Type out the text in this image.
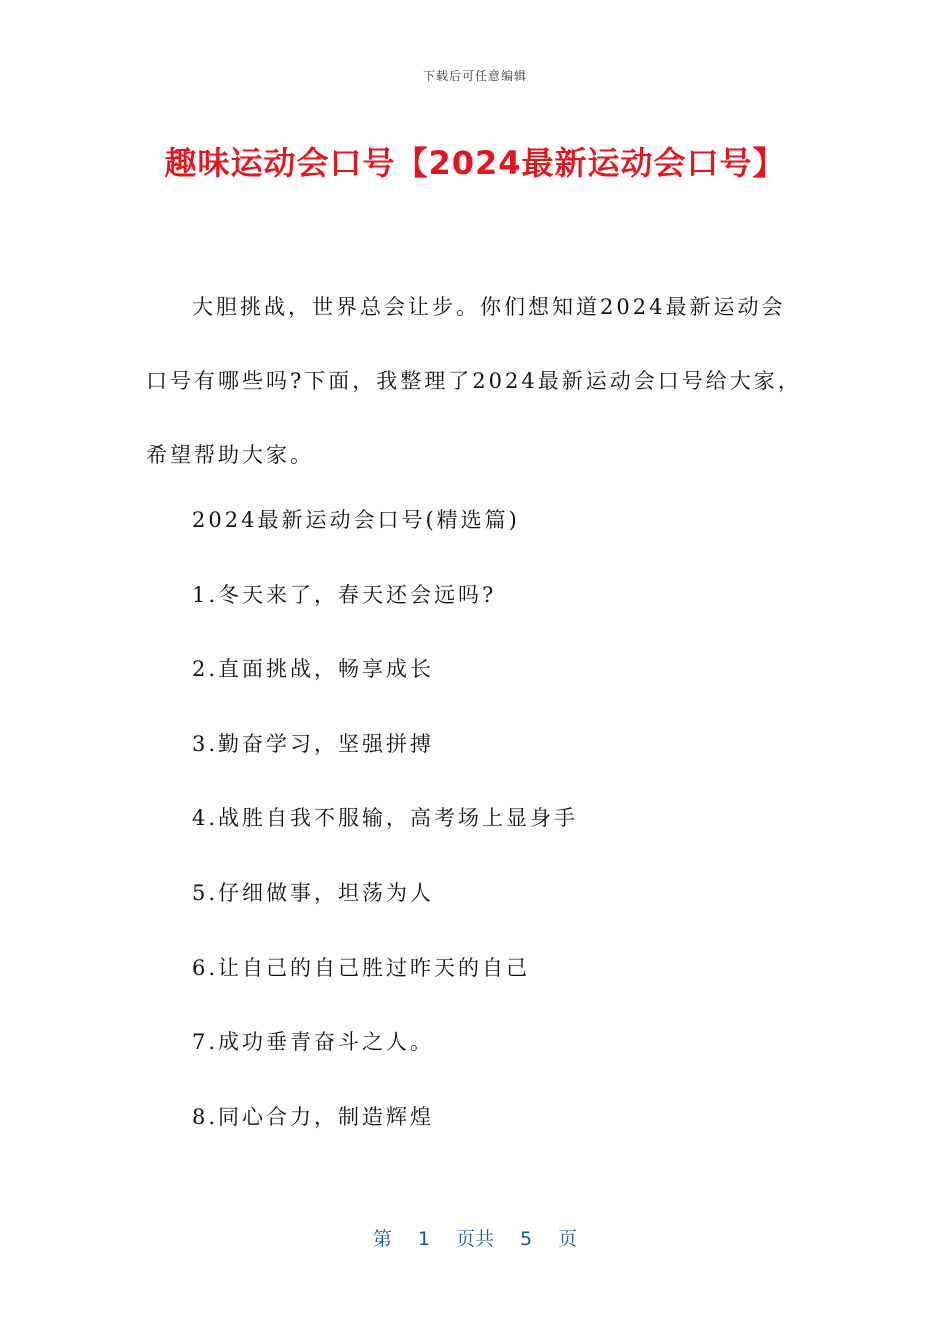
下载后可任意编辑
趣味运动会口号【2024最新运动会口号】

大胆挑战，世界总会让步。你们想知道2024最新运动会口号有哪些吗?下面，我整理了2024最新运动会口号给大家，希望帮助大家。

2024最新运动会口号(精选篇)
1.冬天来了，春天还会远吗?
2.直面挑战，畅享成长
3.勤奋学习，坚强拼搏
4.战胜自我不服输，高考场上显身手
5.仔细做事，坦荡为人
6.让自己的自己胜过昨天的自己
7.成功垂青奋斗之人。
8.同心合力，制造辉煌
第 1 页共 5 页
